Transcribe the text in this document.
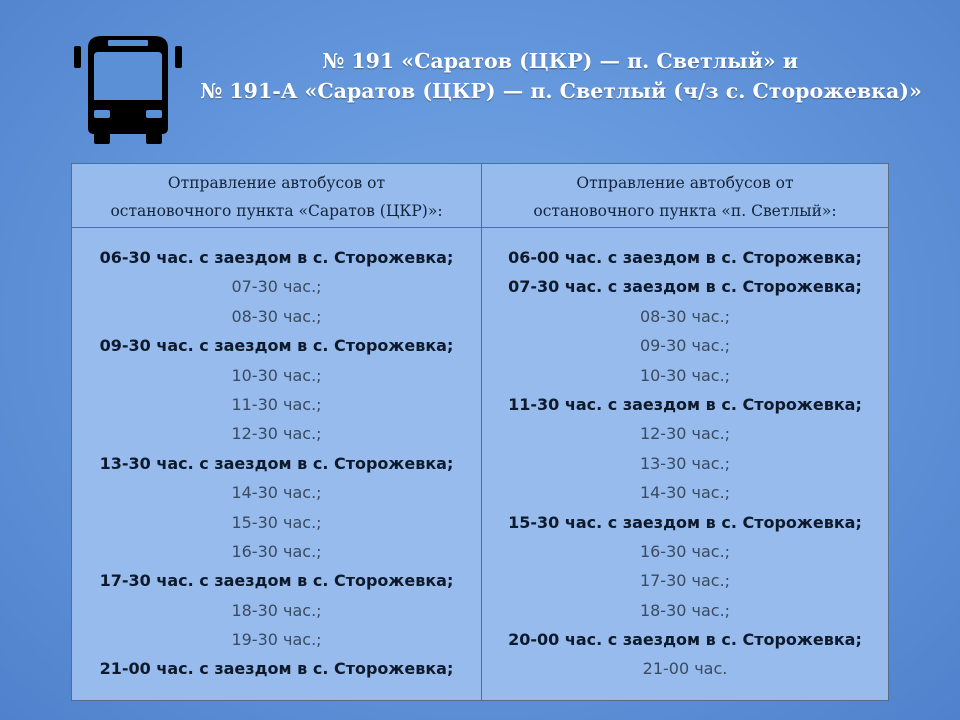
№ 191 «Саратов (ЦКР) — п. Светлый» и
№ 191-А «Саратов (ЦКР) — п. Светлый (ч/з с. Сторожевка)»
Отправление автобусов от
остановочного пункта «Саратов (ЦКР)»:
06-30 час. с заездом в с. Сторожевка;
07-30 час.;
08-30 час.;
09-30 час. с заездом в с. Сторожевка;
10-30 час.;
11-30 час.;
12-30 час.;
13-30 час. с заездом в с. Сторожевка;
14-30 час.;
15-30 час.;
16-30 час.;
17-30 час. с заездом в с. Сторожевка;
18-30 час.;
19-30 час.;
21-00 час. с заездом в с. Сторожевка;
Отправление автобусов от
остановочного пункта «п. Светлый»:
06-00 час. с заездом в с. Сторожевка;
07-30 час. с заездом в с. Сторожевка;
08-30 час.;
09-30 час.;
10-30 час.;
11-30 час. с заездом в с. Сторожевка;
12-30 час.;
13-30 час.;
14-30 час.;
15-30 час. с заездом в с. Сторожевка;
16-30 час.;
17-30 час.;
18-30 час.;
20-00 час. с заездом в с. Сторожевка;
21-00 час.
